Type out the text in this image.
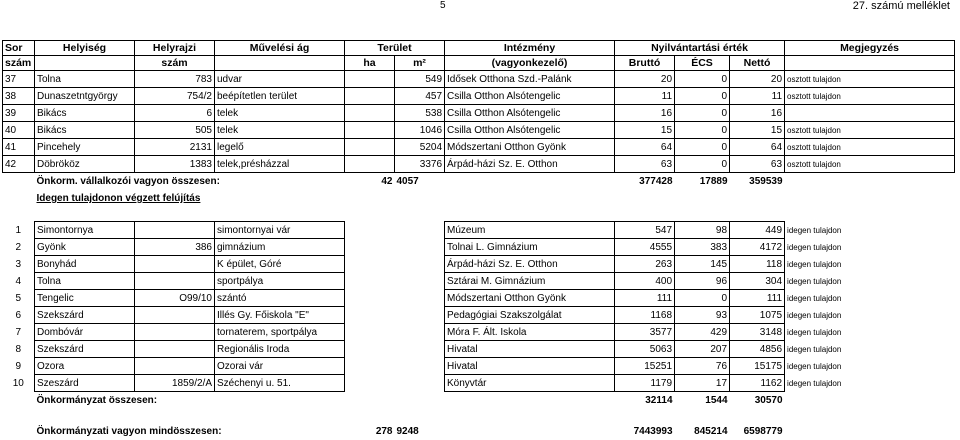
5	27. számú melléklet
Sor	Helyiség	Helyrajzi	Művelési ág	Terület		Intézmény	Nyilvántartási érték			Megjegyzés
szám		szám		ha	m²	(vagyonkezelő)	Bruttó	ÉCS	Nettó	
37	Tolna	783	udvar		549	Idősek Otthona Szd.-Palánk	20	0	20	osztott tulajdon
38	Dunaszetntgyörgy	754/2	beépítetlen terület		457	Csilla Otthon Alsótengelic	11	0	11	osztott tulajdon
39	Bikács	6	telek		538	Csilla Otthon Alsótengelic	16	0	16	
40	Bikács	505	telek		1046	Csilla Otthon Alsótengelic	15	0	15	osztott tulajdon
41	Pincehely	2131	legelő		5204	Módszertani Otthon Gyönk	64	0	64	osztott tulajdon
42	Döbrököz	1383	telek,présházzal		3376	Árpád-házi Sz. E. Otthon	63	0	63	osztott tulajdon
	Önkorm. vállalkozói vagyon összesen:			42	4057		377428	17889	359539	
	Idegen tulajdonon végzett felújítás									

1	Simontornya		simontornyai vár			Múzeum	547	98	449	idegen tulajdon
2	Gyönk	386	gimnázium			Tolnai L. Gimnázium	4555	383	4172	idegen tulajdon
3	Bonyhád		K épület, Góré			Árpád-házi Sz. E. Otthon	263	145	118	idegen tulajdon
4	Tolna		sportpálya			Sztárai M. Gimnázium	400	96	304	idegen tulajdon
5	Tengelic	O99/10	szántó			Módszertani Otthon Gyönk	111	0	111	idegen tulajdon
6	Szekszárd		Illés Gy. Főiskola "E"			Pedagógiai Szakszolgálat	1168	93	1075	idegen tulajdon
7	Dombóvár		tornaterem, sportpálya			Móra F. Ált. Iskola	3577	429	3148	idegen tulajdon
8	Szekszárd		Regionális Iroda			Hivatal	5063	207	4856	idegen tulajdon
9	Ozora		Ozorai vár			Hivatal	15251	76	15175	idegen tulajdon
10	Szeszárd	1859/2/A	Széchenyi u. 51.			Könyvtár	1179	17	1162	idegen tulajdon
	Önkormányzat összesen:						32114	1544	30570	

	Önkormányzati vagyon mindösszesen:			278	9248		7443993	845214	6598779	
